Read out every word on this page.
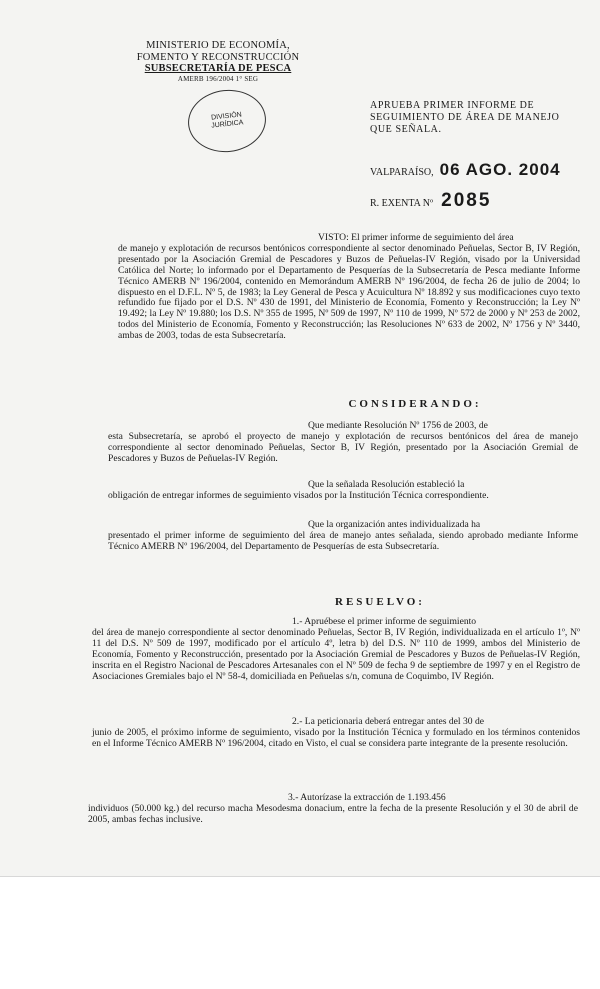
MINISTERIO DE ECONOMÍA,
FOMENTO Y RECONSTRUCCIÓN
SUBSECRETARÍA DE PESCA
AMERB 196/2004 1° SEG
DIVISIÓN
JURÍDICA
APRUEBA PRIMER INFORME DE SEGUIMIENTO DE ÁREA DE MANEJO QUE SEÑALA.
VALPARAÍSO, 06 AGO. 2004
R. EXENTA Nº 2085
VISTO: El primer informe de seguimiento del área
de manejo y explotación de recursos bentónicos correspondiente al sector denominado Peñuelas, Sector B, IV Región, presentado por la Asociación Gremial de Pescadores y Buzos de Peñuelas-IV Región, visado por la Universidad Católica del Norte; lo informado por el Departamento de Pesquerías de la Subsecretaría de Pesca mediante Informe Técnico AMERB Nº 196/2004, contenido en Memorándum AMERB Nº 196/2004, de fecha 26 de julio de 2004; lo dispuesto en el D.F.L. Nº 5, de 1983; la Ley General de Pesca y Acuicultura Nº 18.892 y sus modificaciones cuyo texto refundido fue fijado por el D.S. Nº 430 de 1991, del Ministerio de Economía, Fomento y Reconstrucción; la Ley Nº 19.492; la Ley Nº 19.880; los D.S. Nº 355 de 1995, Nº 509 de 1997, Nº 110 de 1999, Nº 572 de 2000 y Nº 253 de 2002, todos del Ministerio de Economía, Fomento y Reconstrucción; las Resoluciones Nº 633 de 2002, Nº 1756 y Nº 3440, ambas de 2003, todas de esta Subsecretaría.
CONSIDERANDO:
Que mediante Resolución Nº 1756 de 2003, de
esta Subsecretaría, se aprobó el proyecto de manejo y explotación de recursos bentónicos del área de manejo correspondiente al sector denominado Peñuelas, Sector B, IV Región, presentado por la Asociación Gremial de Pescadores y Buzos de Peñuelas-IV Región.
Que la señalada Resolución estableció la
obligación de entregar informes de seguimiento visados por la Institución Técnica correspondiente.
Que la organización antes individualizada ha
presentado el primer informe de seguimiento del área de manejo antes señalada, siendo aprobado mediante Informe Técnico AMERB Nº 196/2004, del Departamento de Pesquerías de esta Subsecretaría.
RESUELVO:
1.- Apruébese el primer informe de seguimiento
del área de manejo correspondiente al sector denominado Peñuelas, Sector B, IV Región, individualizada en el artículo 1º, Nº 11 del D.S. Nº 509 de 1997, modificado por el artículo 4º, letra b) del D.S. Nº 110 de 1999, ambos del Ministerio de Economía, Fomento y Reconstrucción, presentado por la Asociación Gremial de Pescadores y Buzos de Peñuelas-IV Región, inscrita en el Registro Nacional de Pescadores Artesanales con el Nº 509 de fecha 9 de septiembre de 1997 y en el Registro de Asociaciones Gremiales bajo el Nº 58-4, domiciliada en Peñuelas s/n, comuna de Coquimbo, IV Región.
2.- La peticionaria deberá entregar antes del 30 de
junio de 2005, el próximo informe de seguimiento, visado por la Institución Técnica y formulado en los términos contenidos en el Informe Técnico AMERB Nº 196/2004, citado en Visto, el cual se considera parte integrante de la presente resolución.
3.- Autorízase la extracción de 1.193.456
individuos (50.000 kg.) del recurso macha Mesodesma donacium, entre la fecha de la presente Resolución y el 30 de abril de 2005, ambas fechas inclusive.
